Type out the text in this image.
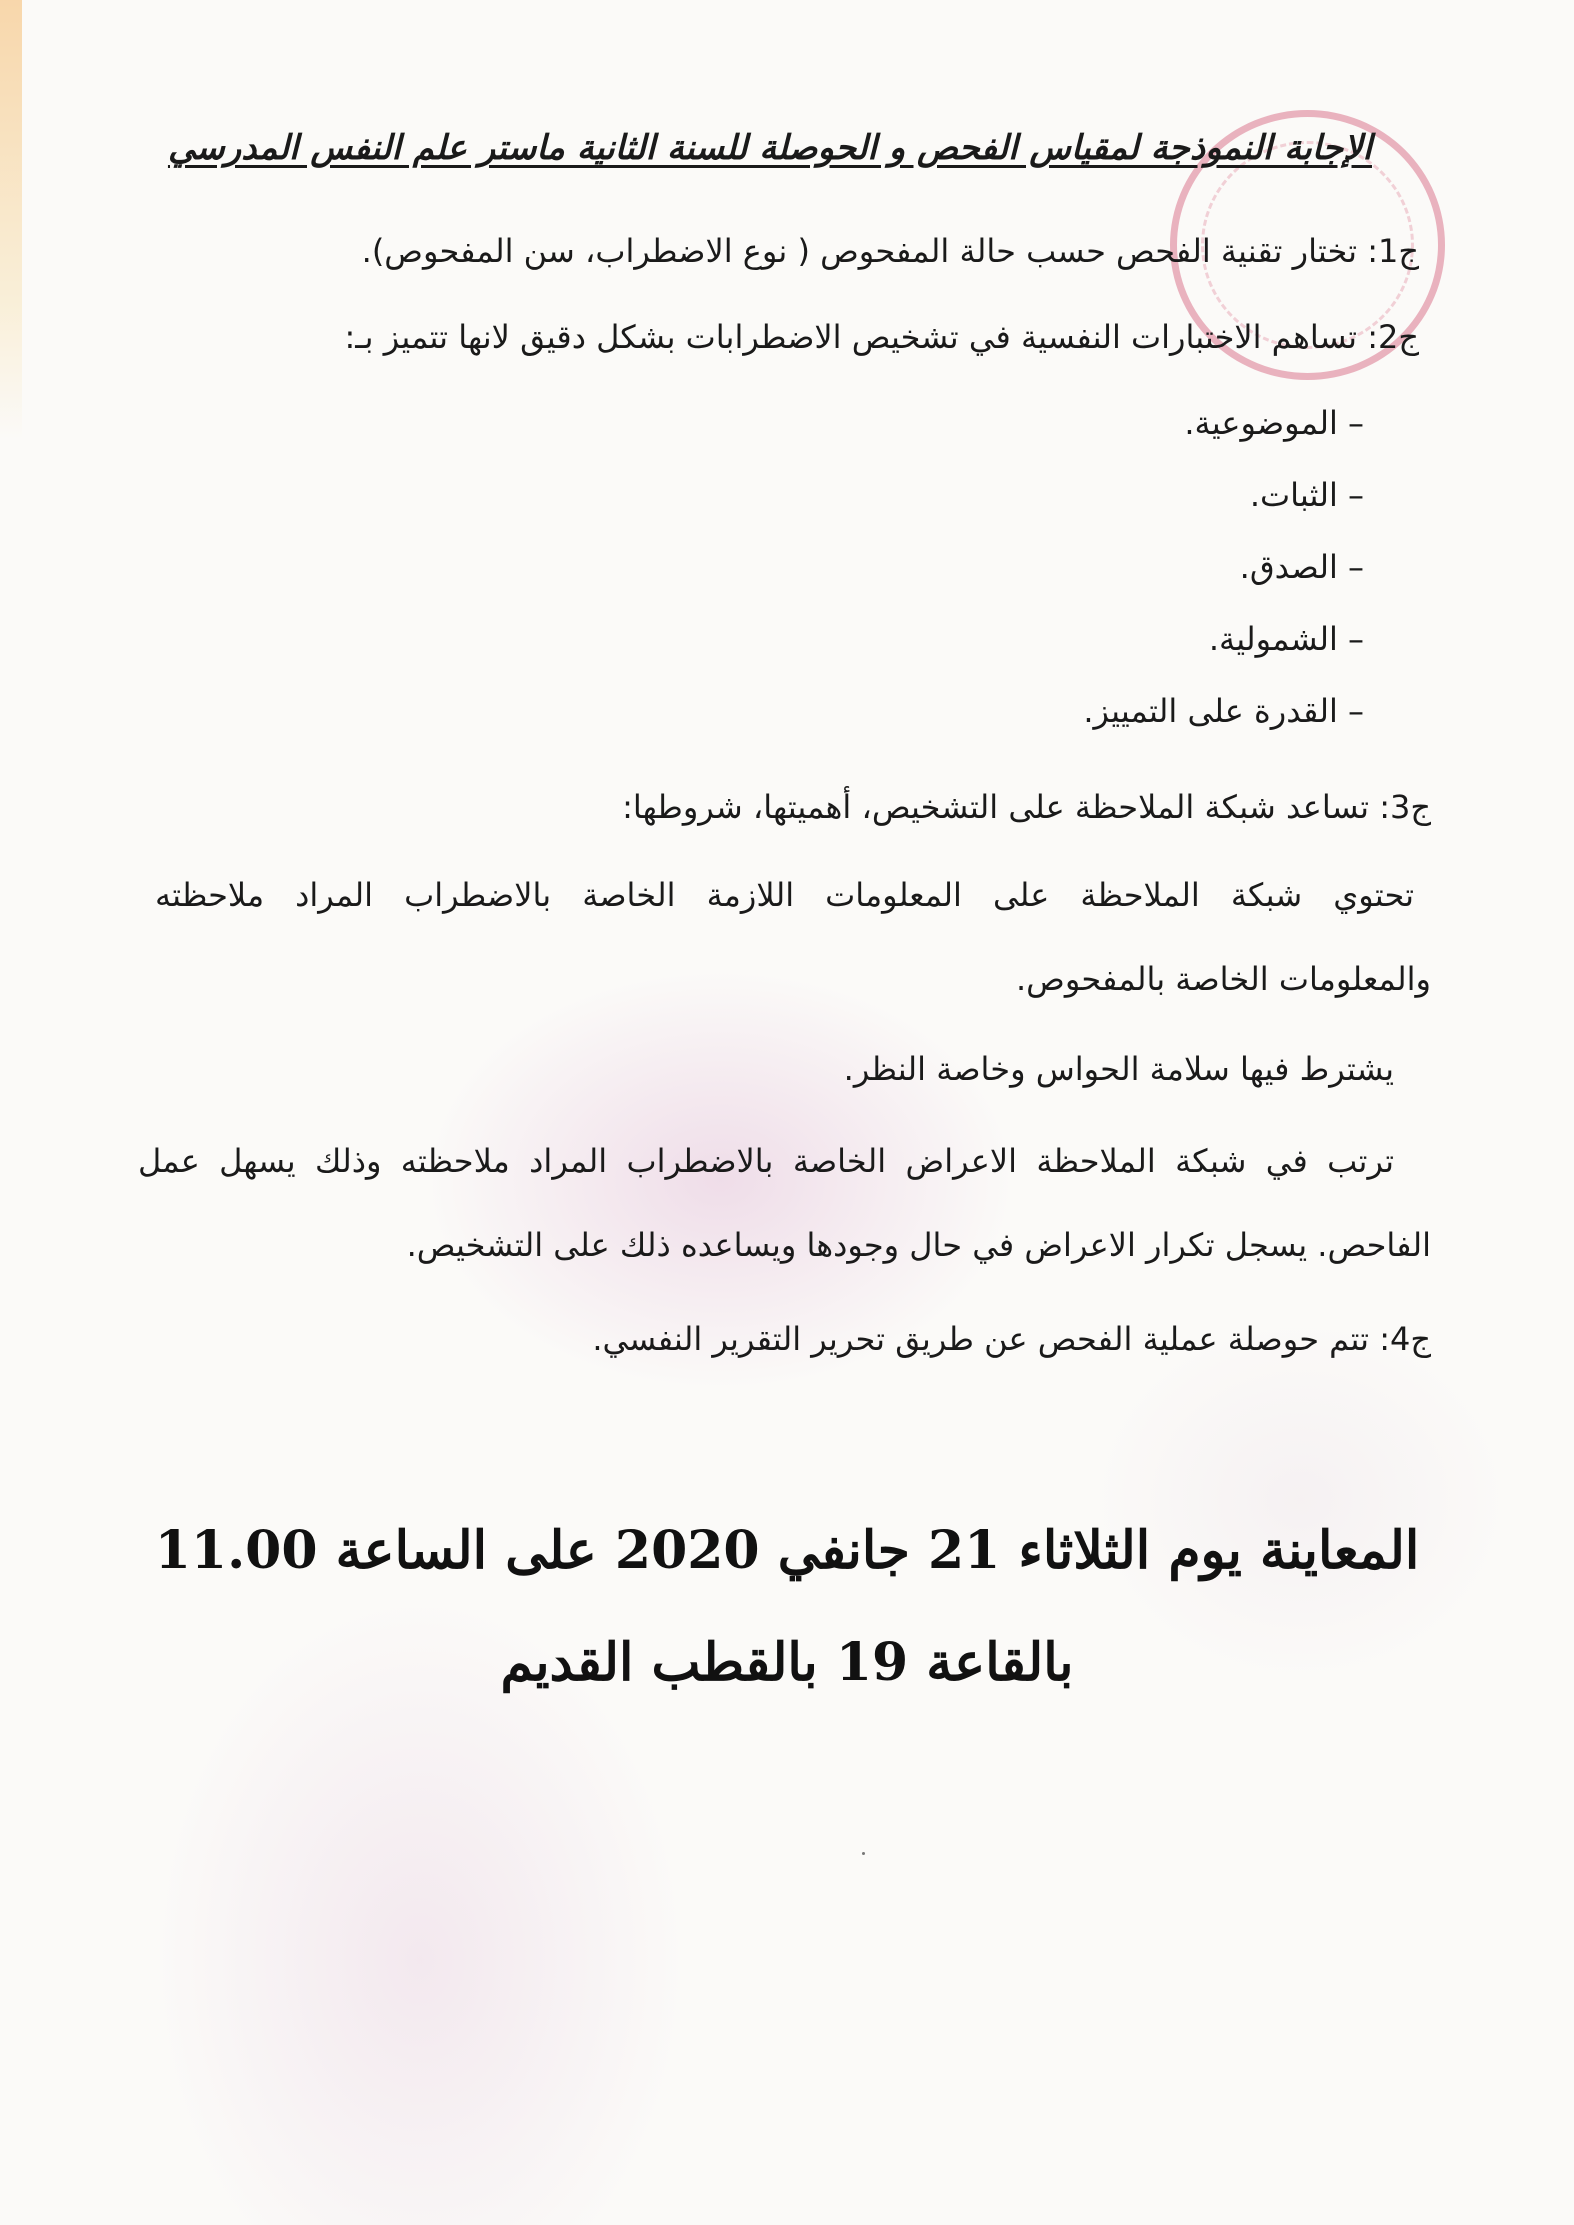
الإجابة النموذجة لمقياس الفحص و الحوصلة للسنة الثانية ماستر علم النفس المدرسي
ج1: تختار تقنية الفحص حسب حالة المفحوص ( نوع الاضطراب، سن المفحوص).
ج2: تساهم الاختبارات النفسية في تشخيص الاضطرابات بشكل دقيق لانها تتميز بـ:
– الموضوعية.
– الثبات.
– الصدق.
– الشمولية.
– القدرة على التمييز.
ج3: تساعد شبكة الملاحظة على التشخيص، أهميتها، شروطها:
تحتوي شبكة الملاحظة على المعلومات اللازمة الخاصة بالاضطراب المراد ملاحظته
والمعلومات الخاصة بالمفحوص.
يشترط فيها سلامة الحواس وخاصة النظر.
ترتب في شبكة الملاحظة الاعراض الخاصة بالاضطراب المراد ملاحظته وذلك يسهل عمل
الفاحص. يسجل تكرار الاعراض في حال وجودها ويساعده ذلك على التشخيص.
ج4: تتم حوصلة عملية الفحص عن طريق تحرير التقرير النفسي.
المعاينة يوم الثلاثاء 21 جانفي 2020 على الساعة 11.00
بالقاعة 19 بالقطب القديم
